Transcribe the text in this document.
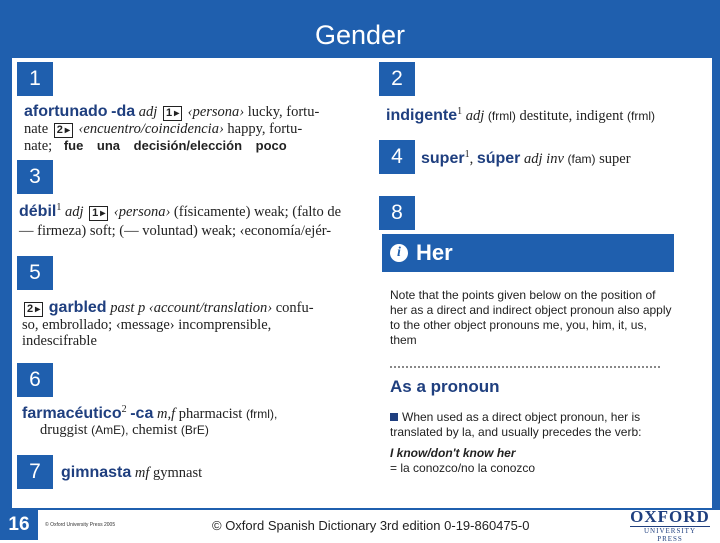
Gender
1	2
3
4
5
6
7
8
afortunado -da adj 1 ▸ ‹persona› lucky, fortu-
nate 2 ▸ ‹encuentro/coincidencia› happy, fortu-
nate; fue una decisión/elección poco
indigente$^1$ adj (frml) destitute, indigent (frml)
super$^1$, súper adj inv (fam) super
débil$^1$ adj 1 ▸ ‹persona› (físicamente) weak; (falto de
— firmeza) soft; (— voluntad) weak; ‹economía/ejér-
2 ▸ garbled past p ‹account/translation› confu-
so, embrollado; ‹message› incomprensible,
indescifrable
farmacéutico$^2$ -ca m,f pharmacist (frml),
druggist (AmE), chemist (BrE)
gimnasta mf gymnast
i Her
Note that the points given below on the position of her as a direct and indirect object pronoun also apply to the other object pronouns me, you, him, it, us, them
As a pronoun
When used as a direct object pronoun, her is translated by la, and usually precedes the verb:
I know/don't know her
= la conozco/no la conozco
16	© Oxford University Press 2005	© Oxford Spanish Dictionary 3rd edition 0-19-860475-0	OXFORD
UNIVERSITY PRESS
